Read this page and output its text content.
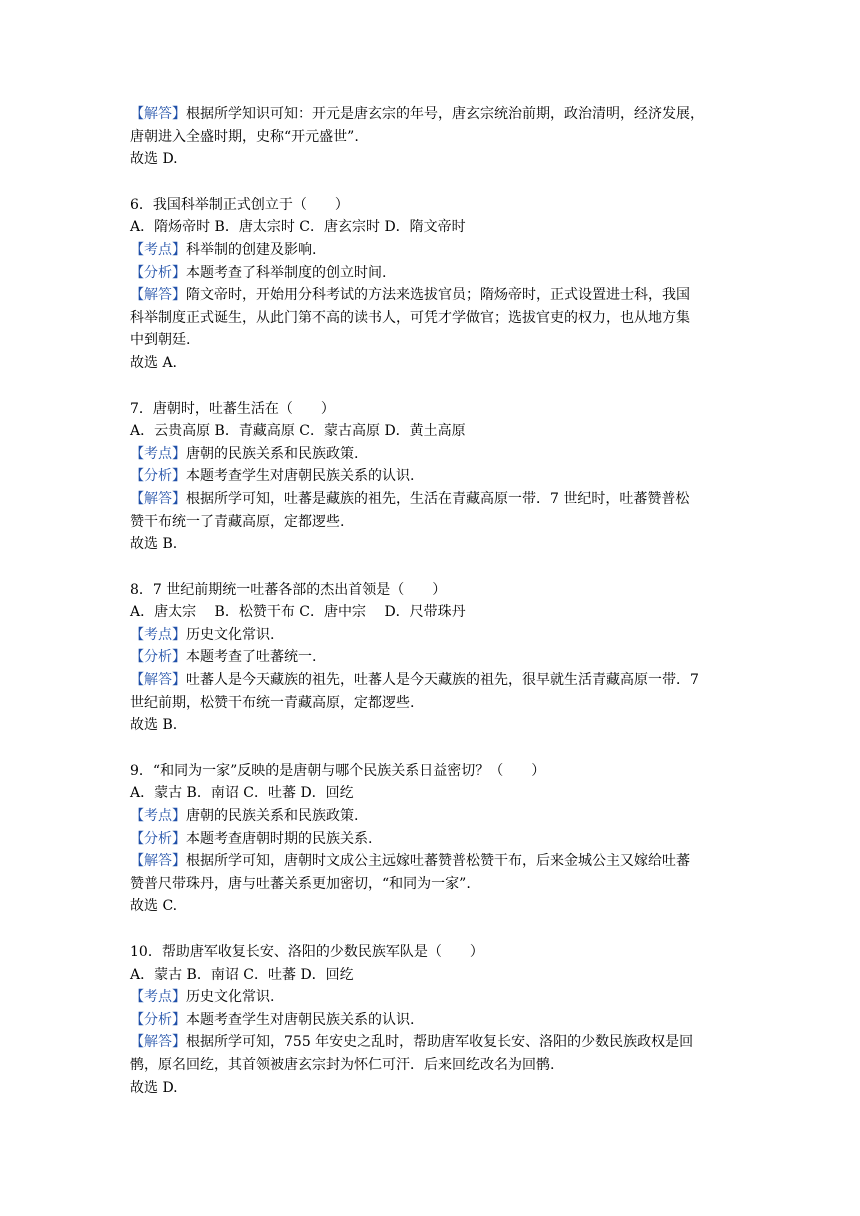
【解答】根据所学知识可知：开元是唐玄宗的年号，唐玄宗统治前期，政治清明，经济发展，
唐朝进入全盛时期，史称“开元盛世”.
故选 D.
6．我国科举制正式创立于（　　）
A．隋炀帝时 B．唐太宗时 C．唐玄宗时 D．隋文帝时
【考点】科举制的创建及影响.
【分析】本题考查了科举制度的创立时间.
【解答】隋文帝时，开始用分科考试的方法来选拔官员；隋炀帝时，正式设置进士科，我国
科举制度正式诞生，从此门第不高的读书人，可凭才学做官；选拔官吏的权力，也从地方集
中到朝廷.
故选 A.
7．唐朝时，吐蕃生活在（　　）
A．云贵高原 B．青藏高原 C．蒙古高原 D．黄土高原
【考点】唐朝的民族关系和民族政策.
【分析】本题考查学生对唐朝民族关系的认识.
【解答】根据所学可知，吐蕃是藏族的祖先，生活在青藏高原一带．7 世纪时，吐蕃赞普松
赞干布统一了青藏高原，定都逻些.
故选 B.
8．7 世纪前期统一吐蕃各部的杰出首领是（　　）
A．唐太宗　 B．松赞干布 C．唐中宗　 D．尺带珠丹
【考点】历史文化常识.
【分析】本题考查了吐蕃统一.
【解答】吐蕃人是今天藏族的祖先，吐蕃人是今天藏族的祖先，很早就生活青藏高原一带．7
世纪前期，松赞干布统一青藏高原，定都逻些.
故选 B.
9．“和同为一家”反映的是唐朝与哪个民族关系日益密切？（　　）
A．蒙古 B．南诏 C．吐蕃 D．回纥
【考点】唐朝的民族关系和民族政策.
【分析】本题考查唐朝时期的民族关系.
【解答】根据所学可知，唐朝时文成公主远嫁吐蕃赞普松赞干布，后来金城公主又嫁给吐蕃
赞普尺带珠丹，唐与吐蕃关系更加密切，“和同为一家”.
故选 C.
10．帮助唐军收复长安、洛阳的少数民族军队是（　　）
A．蒙古 B．南诏 C．吐蕃 D．回纥
【考点】历史文化常识.
【分析】本题考查学生对唐朝民族关系的认识.
【解答】根据所学可知，755 年安史之乱时，帮助唐军收复长安、洛阳的少数民族政权是回
鹘，原名回纥，其首领被唐玄宗封为怀仁可汗．后来回纥改名为回鹘.
故选 D.
